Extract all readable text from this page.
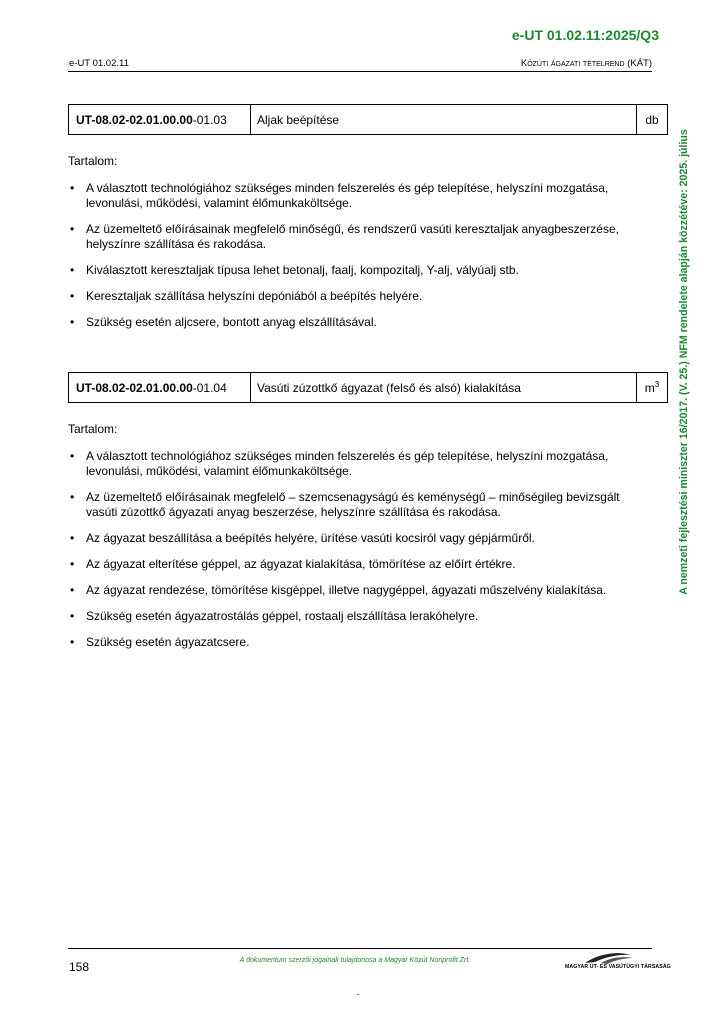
e-UT 01.02.11:2025/Q3
e-UT 01.02.11	Közúti ágazati tételrend (KÁT)
A nemzeti fejlesztési miniszter 16/2017. (V. 25.) NFM rendelete alapján közzétéve: 2025. július
UT-08.02-02.01.00.00-01.03	Aljak beépítése	db
Tartalom:
• A választott technológiához szükséges minden felszerelés és gép telepítése, helyszíni mozgatása, levonulási, működési, valamint élőmunkaköltsége.
• Az üzemeltető előírásainak megfelelő minőségű, és rendszerű vasúti keresztaljak anyagbeszerzése, helyszínre szállítása és rakodása.
• Kiválasztott keresztaljak típusa lehet betonalj, faalj, kompozitalj, Y-alj, vályúalj stb.
• Keresztaljak szállítása helyszíni depóniából a beépítés helyére.
• Szükség esetén aljcsere, bontott anyag elszállításával.
UT-08.02-02.01.00.00-01.04	Vasúti zúzottkő ágyazat (felső és alsó) kialakítása	$m^3$
Tartalom:
• A választott technológiához szükséges minden felszerelés és gép telepítése, helyszíni mozgatása, levonulási, működési, valamint élőmunkaköltsége.
• Az üzemeltető előírásainak megfelelő – szemcsenagyságú és keménységű – minőségileg bevizsgált vasúti zúzottkő ágyazati anyag beszerzése, helyszínre szállítása és rakodása.
• Az ágyazat beszállítása a beépítés helyére, ürítése vasúti kocsiról vagy gépjárműről.
• Az ágyazat elterítése géppel, az ágyazat kialakítása, tömörítése az előírt értékre.
• Az ágyazat rendezése, tömörítése kisgéppel, illetve nagygéppel, ágyazati műszelvény kialakítása.
• Szükség esetén ágyazatrostálás géppel, rostaalj elszállítása lerakóhelyre.
• Szükség esetén ágyazatcsere.
158	A dokumentum szerzői jogainak tulajdonosa a Magyar Közút Nonprofit Zrt.
MAGYAR ÚT- ÉS VASÚTÜGYI TÁRSASÁG
